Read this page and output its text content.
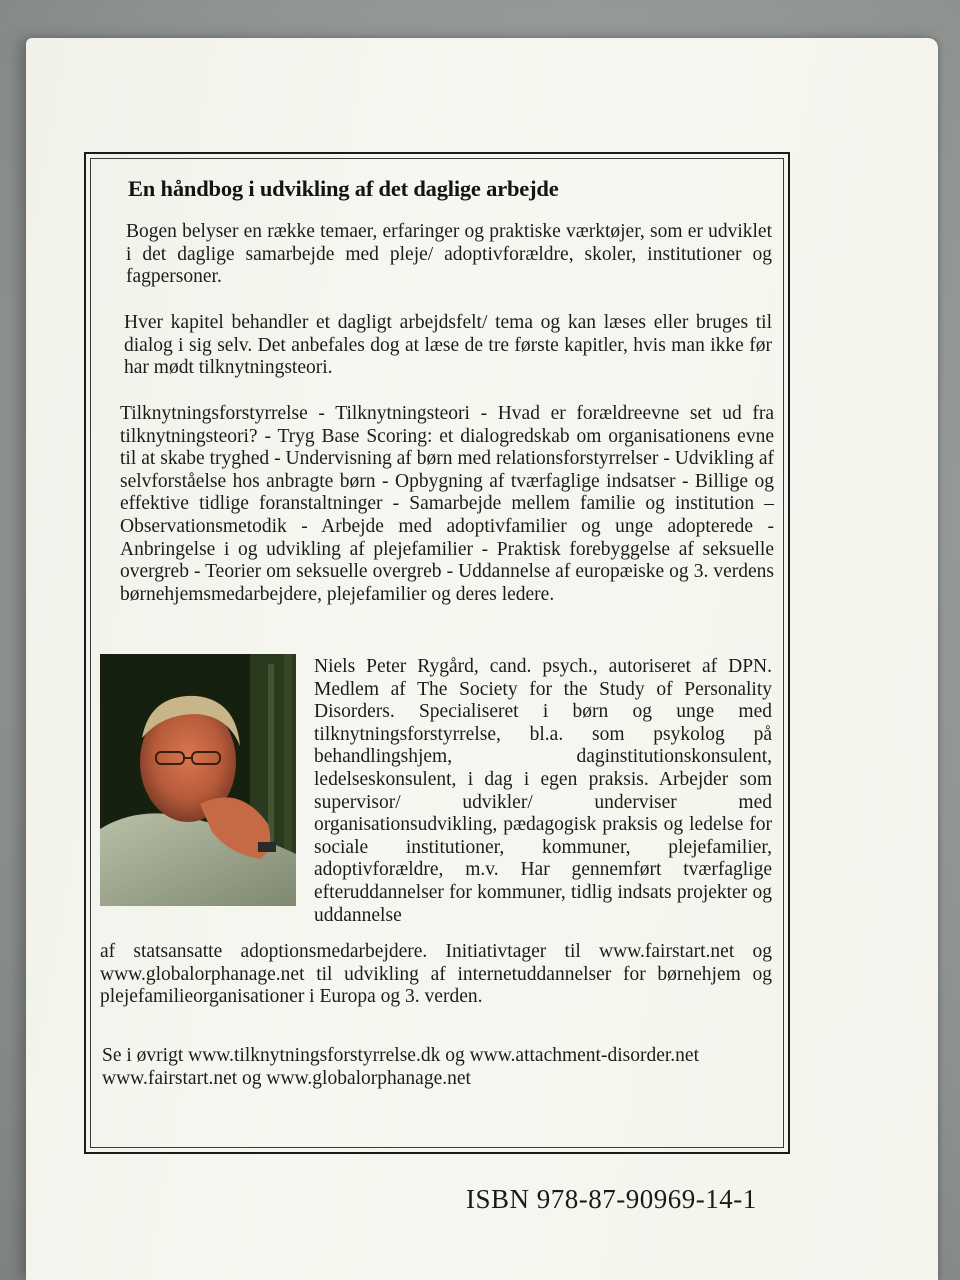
En håndbog i udvikling af det daglige arbejde
Bogen belyser en række temaer, erfaringer og praktiske værktøjer, som er udviklet i det daglige samarbejde med pleje/ adoptivforældre, skoler, institutioner og fagpersoner.
Hver kapitel behandler et dagligt arbejdsfelt/ tema og kan læses eller bruges til dialog i sig selv. Det anbefales dog at læse de tre første kapitler, hvis man ikke før har mødt tilknytningsteori.
Tilknytningsforstyrrelse - Tilknytningsteori - Hvad er forældreevne set ud fra tilknytningsteori? - Tryg Base Scoring: et dialogredskab om organisationens evne til at skabe tryghed - Undervisning af børn med relationsforstyrrelser - Udvikling af selvforståelse hos anbragte børn - Opbygning af tværfaglige indsatser - Billige og effektive tidlige foranstaltninger - Samarbejde mellem familie og institution – Observationsmetodik - Arbejde med adoptivfamilier og unge adopterede - Anbringelse i og udvikling af plejefamilier - Praktisk forebyggelse af seksuelle overgreb - Teorier om seksuelle overgreb - Uddannelse af europæiske og 3. verdens børnehjemsmedarbejdere, plejefamilier og deres ledere.
Niels Peter Rygård, cand. psych., autoriseret af DPN. Medlem af The Society for the Study of Personality Disorders. Specialiseret i børn og unge med tilknytningsforstyrrelse, bl.a. som psykolog på behandlingshjem, daginstitutionskonsulent, ledelseskonsulent, i dag i egen praksis. Arbejder som supervisor/ udvikler/ underviser med organisationsudvikling, pædagogisk praksis og ledelse for sociale institutioner, kommuner, plejefamilier, adoptivforældre, m.v. Har gennemført tværfaglige efteruddannelser for kommuner, tidlig indsats projekter og uddannelse
af statsansatte adoptionsmedarbejdere. Initiativtager til www.fairstart.net og www.globalorphanage.net til udvikling af internetuddannelser for børnehjem og plejefamilieorganisationer i Europa og 3. verden.
Se i øvrigt www.tilknytningsforstyrrelse.dk og www.attachment-disorder.net www.fairstart.net og www.globalorphanage.net
ISBN 978-87-90969-14-1
